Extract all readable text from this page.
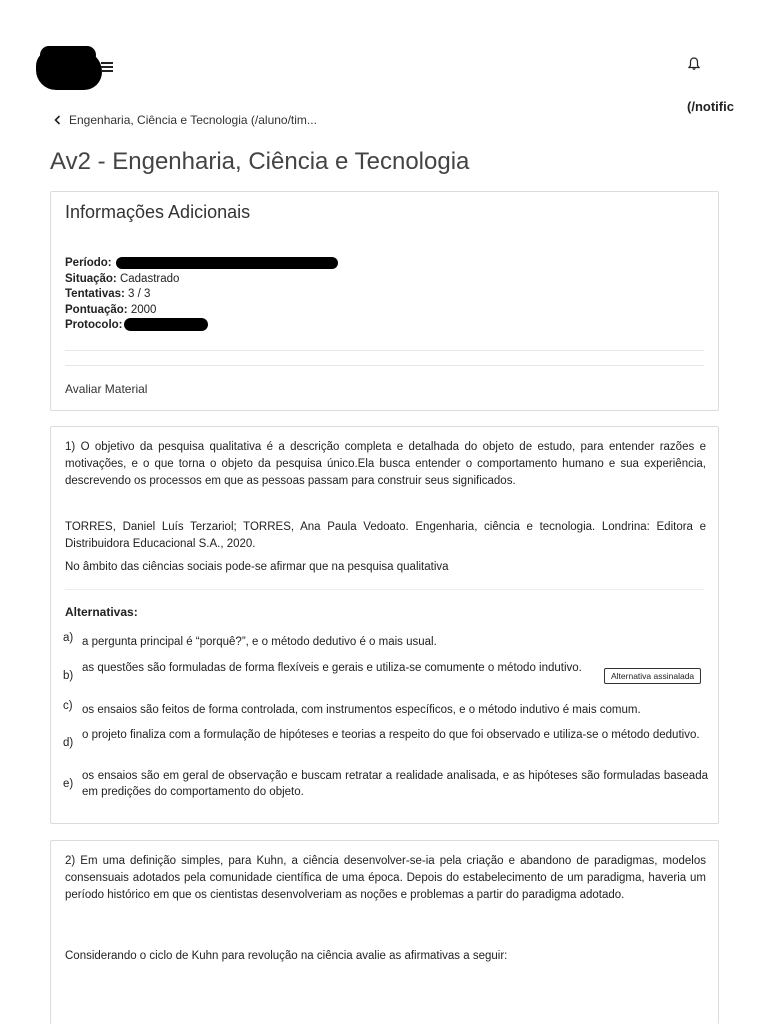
(/notific
Engenharia, Ciência e Tecnologia (/aluno/tim...
Av2 - Engenharia, Ciência e Tecnologia
Informações Adicionais
Período:
Situação: Cadastrado
Tentativas: 3 / 3
Pontuação: 2000
Protocolo:
Avaliar Material

1) O objetivo da pesquisa qualitativa é a descrição completa e detalhada do objeto de estudo, para entender razões e motivações, e o que torna o objeto da pesquisa único.Ela busca entender o comportamento humano e sua experiência, descrevendo os processos em que as pessoas passam para construir seus significados.

TORRES, Daniel Luís Terzariol; TORRES, Ana Paula Vedoato. Engenharia, ciência e tecnologia. Londrina: Editora e Distribuidora Educacional S.A., 2020.

No âmbito das ciências sociais pode-se afirmar que na pesquisa qualitativa

Alternativas:
a) a pergunta principal é “porquê?”, e o método dedutivo é o mais usual.
b)
as questões são formuladas de forma flexíveis e gerais e utiliza-se comumente o método indutivo.
c) os ensaios são feitos de forma controlada, com instrumentos específicos, e o método indutivo é mais comum.
d)
o projeto finaliza com a formulação de hipóteses e teorias a respeito do que foi observado e utiliza-se o método dedutivo.
e)
os ensaios são em geral de observação e buscam retratar a realidade analisada, e as hipóteses são formuladas baseada em predições do comportamento do objeto.
Alternativa assinalada

2) Em uma definição simples, para Kuhn, a ciência desenvolver-se-ia pela criação e abandono de paradigmas, modelos consensuais adotados pela comunidade científica de uma época. Depois do estabelecimento de um paradigma, haveria um período histórico em que os cientistas desenvolveriam as noções e problemas a partir do paradigma adotado.

Considerando o ciclo de Kuhn para revolução na ciência avalie as afirmativas a seguir:
